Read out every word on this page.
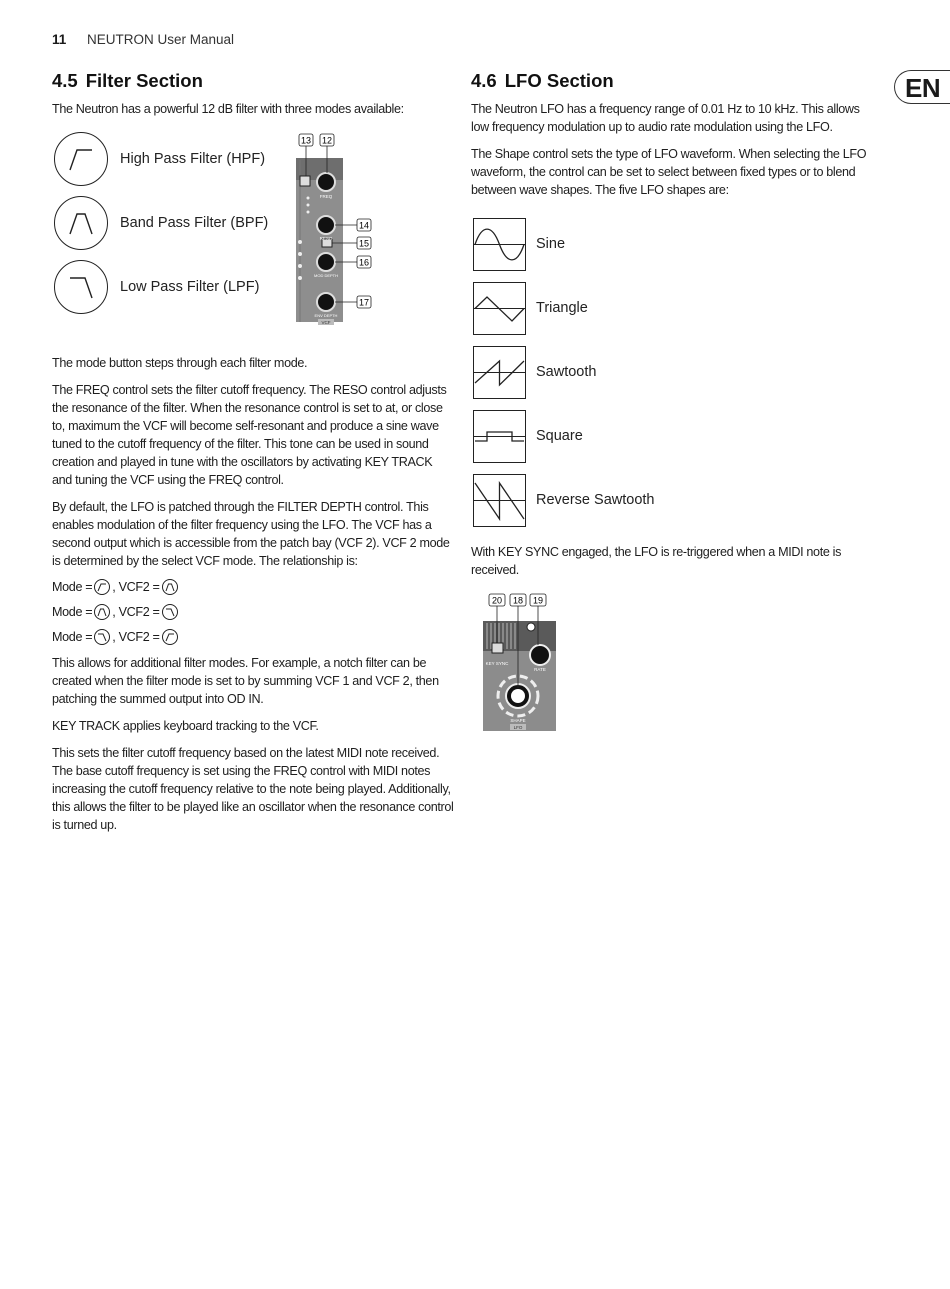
11 NEUTRON User Manual
EN
4.5 Filter Section

The Neutron has a powerful 12 dB filter with three modes available:

High Pass Filter (HPF)
Band Pass Filter (BPF)
Low Pass Filter (LPF)
FREQ
RESO
MOD DEPTH
ENV DEPTH
VCF
13 12
14
15
16
17

The mode button steps through each filter mode.

The FREQ control sets the filter cutoff frequency. The RESO control adjusts the resonance of the filter. When the resonance control is set to at, or close to, maximum the VCF will become self-resonant and produce a sine wave tuned to the cutoff frequency of the filter. This tone can be used in sound creation and played in tune with the oscillators by activating KEY TRACK and tuning the VCF using the FREQ control.

By default, the LFO is patched through the FILTER DEPTH control. This enables modulation of the filter frequency using the LFO. The VCF has a second output which is accessible from the patch bay (VCF 2). VCF 2 mode is determined by the select VCF mode. The relationship is:

Mode = , VCF2 =
Mode = , VCF2 =
Mode = , VCF2 =

This allows for additional filter modes. For example, a notch filter can be created when the filter mode is set to by summing VCF 1 and VCF 2, then patching the summed output into OD IN.

KEY TRACK applies keyboard tracking to the VCF.

This sets the filter cutoff frequency based on the latest MIDI note received. The base cutoff frequency is set using the FREQ control with MIDI notes increasing the cutoff frequency relative to the note being played. Additionally, this allows the filter to be played like an oscillator when the resonance control is turned up.

4.6 LFO Section

The Neutron LFO has a frequency range of 0.01 Hz to 10 kHz. This allows low frequency modulation up to audio rate modulation using the LFO.

The Shape control sets the type of LFO waveform. When selecting the LFO waveform, the control can be set to select between fixed types or to blend between wave shapes. The five LFO shapes are:

Sine
Triangle
Sawtooth
Square
Reverse Sawtooth

With KEY SYNC engaged, the LFO is re-triggered when a MIDI note is received.

KEY SYNC
RATE
SHAPE
LFO
20 18 19
